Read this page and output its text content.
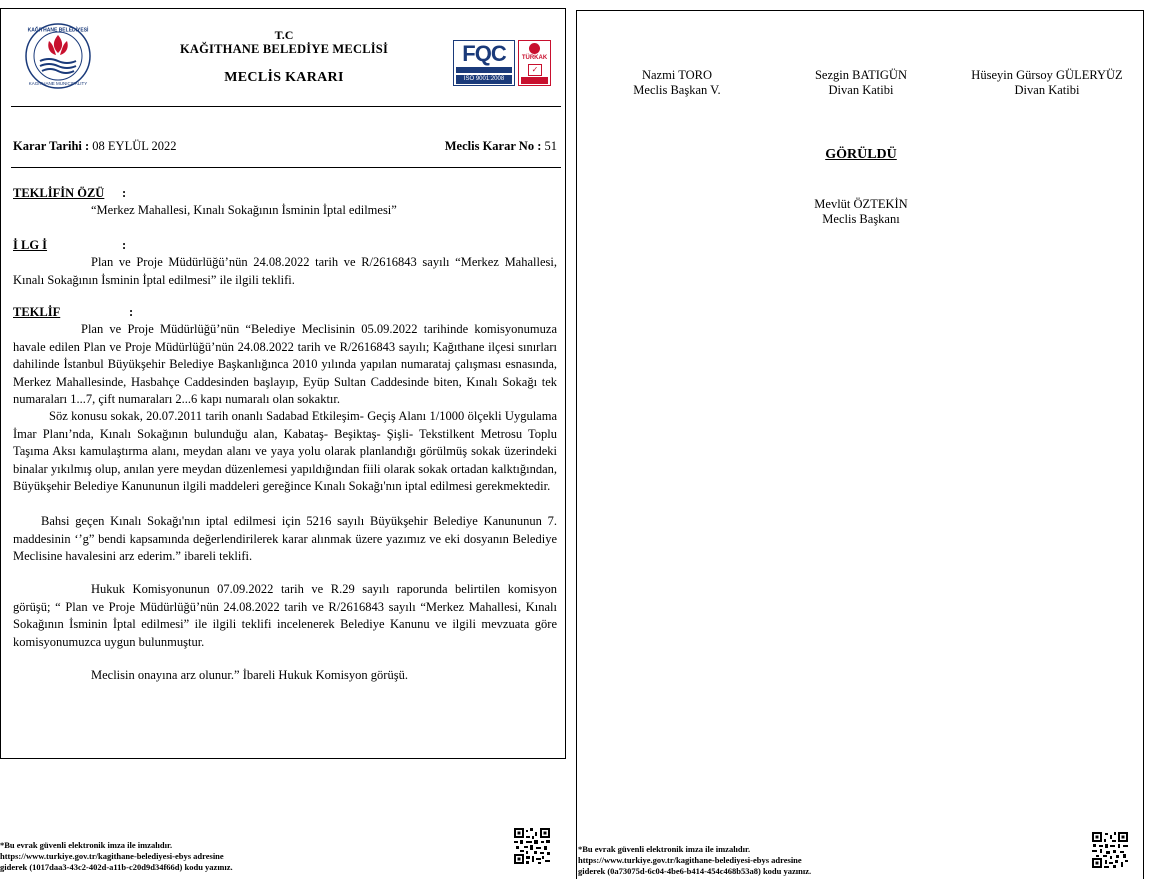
KAĞITHANE BELEDİYESİ
KAGITHANE MUNICIPALITY
T.C
KAĞITHANE BELEDİYE MECLİSİ
MECLİS KARARI
FQC
ISO 9001:2008
TÜRKAK
✓
Karar Tarihi : 08 EYLÜL 2022	Meclis Karar No : 51
TEKLİFİN ÖZÜ :
“Merkez Mahallesi, Kınalı Sokağının İsminin İptal edilmesi”
İ LG İ	:
Plan ve Proje Müdürlüğü’nün 24.08.2022 tarih ve R/2616843 sayılı “Merkez Mahallesi, Kınalı Sokağının İsminin İptal edilmesi” ile ilgili teklifi.
TEKLİF	:
Plan ve Proje Müdürlüğü’nün “Belediye Meclisinin 05.09.2022 tarihinde komisyonumuza havale edilen Plan ve Proje Müdürlüğü’nün 24.08.2022 tarih ve R/2616843 sayılı; Kağıthane ilçesi sınırları dahilinde İstanbul Büyükşehir Belediye Başkanlığınca 2010 yılında yapılan numarataj çalışması esnasında, Merkez Mahallesinde, Hasbahçe Caddesinden başlayıp, Eyüp Sultan Caddesinde biten, Kınalı Sokağı tek numaraları 1...7, çift numaraları 2...6 kapı numaralı olan sokaktır.
Söz konusu sokak, 20.07.2011 tarih onanlı Sadabad Etkileşim- Geçiş Alanı 1/1000 ölçekli Uygulama İmar Planı’nda, Kınalı Sokağının bulunduğu alan, Kabataş- Beşiktaş- Şişli- Tekstilkent Metrosu Toplu Taşıma Aksı kamulaştırma alanı, meydan alanı ve yaya yolu olarak planlandığı görülmüş sokak üzerindeki binalar yıkılmış olup, anılan yere meydan düzenlemesi yapıldığından fiili olarak sokak ortadan kalktığından, Büyükşehir Belediye Kanununun ilgili maddeleri gereğince Kınalı Sokağı'nın iptal edilmesi gerekmektedir.
Bahsi geçen Kınalı Sokağı'nın iptal edilmesi için 5216 sayılı Büyükşehir Belediye Kanununun 7. maddesinin ‘’g” bendi kapsamında değerlendirilerek karar alınmak üzere yazımız ve eki dosyanın Belediye Meclisine havalesini arz ederim.” ibareli teklifi.
Hukuk Komisyonunun 07.09.2022 tarih ve R.29 sayılı raporunda belirtilen komisyon görüşü; “ Plan ve Proje Müdürlüğü’nün 24.08.2022 tarih ve R/2616843 sayılı “Merkez Mahallesi, Kınalı Sokağının İsminin İptal edilmesi” ile ilgili teklifi incelenerek Belediye Kanunu ve ilgili mevzuata göre komisyonumuzca uygun bulunmuştur.
Meclisin onayına arz olunur.” İbareli Hukuk Komisyon görüşü.
*Bu evrak güvenli elektronik imza ile imzalıdır.
https://www.turkiye.gov.tr/kagithane-belediyesi-ebys adresine
giderek (1017daa3-43c2-402d-a11b-c20d9d34f66d) kodu yazınız.
Nazmi TORO
Meclis Başkan V.
Sezgin BATIGÜN
Divan Katibi
Hüseyin Gürsoy GÜLERYÜZ
Divan Katibi
GÖRÜLDÜ
Mevlüt ÖZTEKİN
Meclis Başkanı
*Bu evrak güvenli elektronik imza ile imzalıdır.
https://www.turkiye.gov.tr/kagithane-belediyesi-ebys adresine
giderek (0a73075d-6c04-4be6-b414-454c468b53a8) kodu yazınız.
